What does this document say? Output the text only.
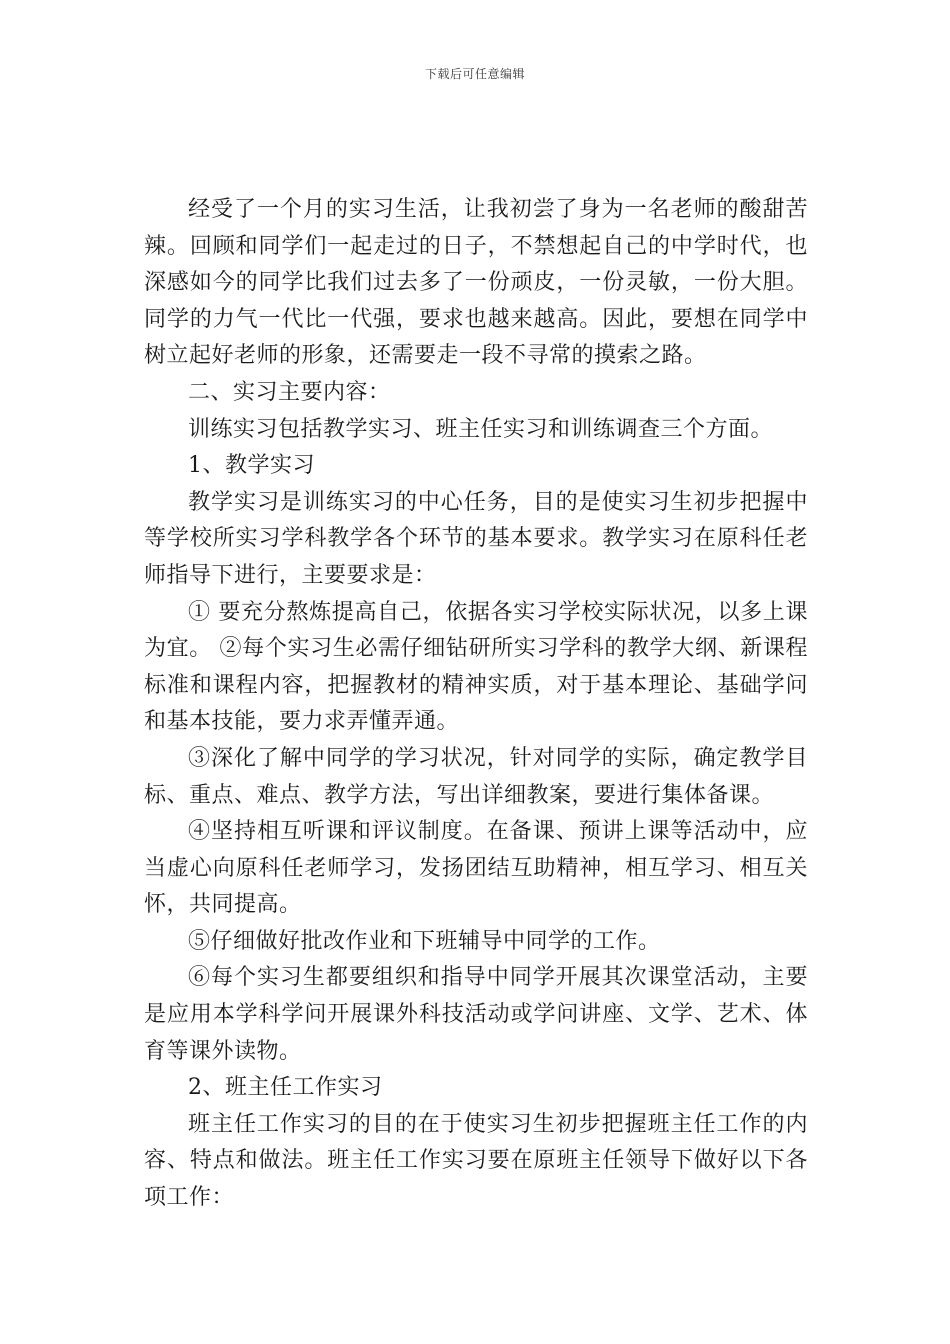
下载后可任意编辑

经受了一个月的实习生活，让我初尝了身为一名老师的酸甜苦辣。回顾和同学们一起走过的日子，不禁想起自己的中学时代，也深感如今的同学比我们过去多了一份顽皮，一份灵敏，一份大胆。同学的力气一代比一代强，要求也越来越高。因此，要想在同学中树立起好老师的形象，还需要走一段不寻常的摸索之路。

二、实习主要内容：

训练实习包括教学实习、班主任实习和训练调查三个方面。

1、教学实习

教学实习是训练实习的中心任务，目的是使实习生初步把握中等学校所实习学科教学各个环节的基本要求。教学实习在原科任老师指导下进行，主要要求是：

① 要充分熬炼提高自己，依据各实习学校实际状况，以多上课为宜。 ②每个实习生必需仔细钻研所实习学科的教学大纲、新课程标准和课程内容，把握教材的精神实质，对于基本理论、基础学问和基本技能，要力求弄懂弄通。

③深化了解中同学的学习状况，针对同学的实际，确定教学目标、重点、难点、教学方法，写出详细教案，要进行集体备课。

④坚持相互听课和评议制度。在备课、预讲上课等活动中，应当虚心向原科任老师学习，发扬团结互助精神，相互学习、相互关怀，共同提高。

⑤仔细做好批改作业和下班辅导中同学的工作。

⑥每个实习生都要组织和指导中同学开展其次课堂活动，主要是应用本学科学问开展课外科技活动或学问讲座、文学、艺术、体育等课外读物。

2、班主任工作实习

班主任工作实习的目的在于使实习生初步把握班主任工作的内容、特点和做法。班主任工作实习要在原班主任领导下做好以下各项工作：
